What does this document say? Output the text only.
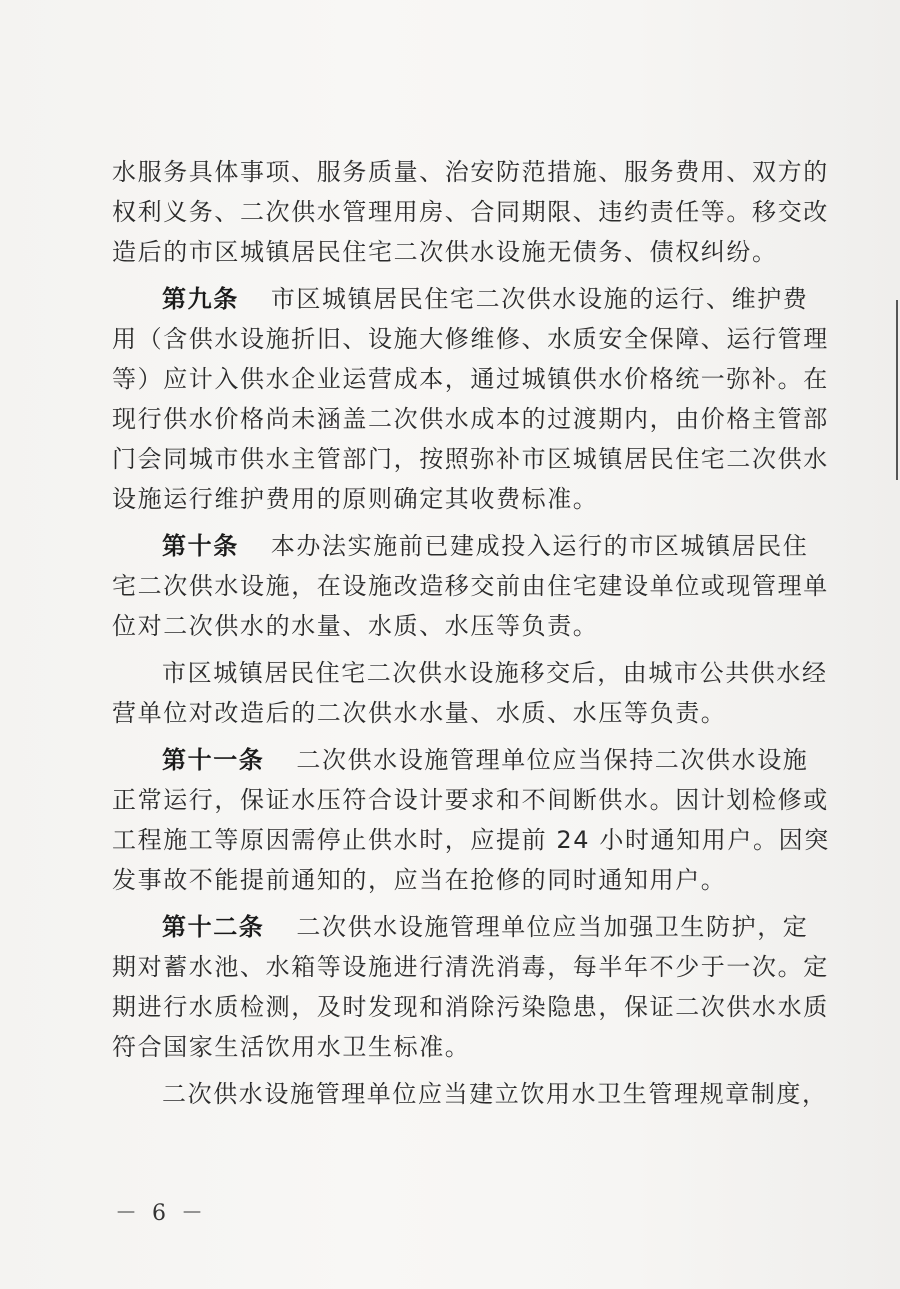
水服务具体事项、服务质量、治安防范措施、服务费用、双方的
权利义务、二次供水管理用房、合同期限、违约责任等。移交改
造后的市区城镇居民住宅二次供水设施无债务、债权纠纷。
第九条 市区城镇居民住宅二次供水设施的运行、维护费
用（含供水设施折旧、设施大修维修、水质安全保障、运行管理
等）应计入供水企业运营成本，通过城镇供水价格统一弥补。在
现行供水价格尚未涵盖二次供水成本的过渡期内，由价格主管部
门会同城市供水主管部门，按照弥补市区城镇居民住宅二次供水
设施运行维护费用的原则确定其收费标准。
第十条 本办法实施前已建成投入运行的市区城镇居民住
宅二次供水设施，在设施改造移交前由住宅建设单位或现管理单
位对二次供水的水量、水质、水压等负责。
市区城镇居民住宅二次供水设施移交后，由城市公共供水经
营单位对改造后的二次供水水量、水质、水压等负责。
第十一条 二次供水设施管理单位应当保持二次供水设施
正常运行，保证水压符合设计要求和不间断供水。因计划检修或
工程施工等原因需停止供水时，应提前 24 小时通知用户。因突
发事故不能提前通知的，应当在抢修的同时通知用户。
第十二条 二次供水设施管理单位应当加强卫生防护，定
期对蓄水池、水箱等设施进行清洗消毒，每半年不少于一次。定
期进行水质检测，及时发现和消除污染隐患，保证二次供水水质
符合国家生活饮用水卫生标准。
二次供水设施管理单位应当建立饮用水卫生管理规章制度，
－ 6 －
